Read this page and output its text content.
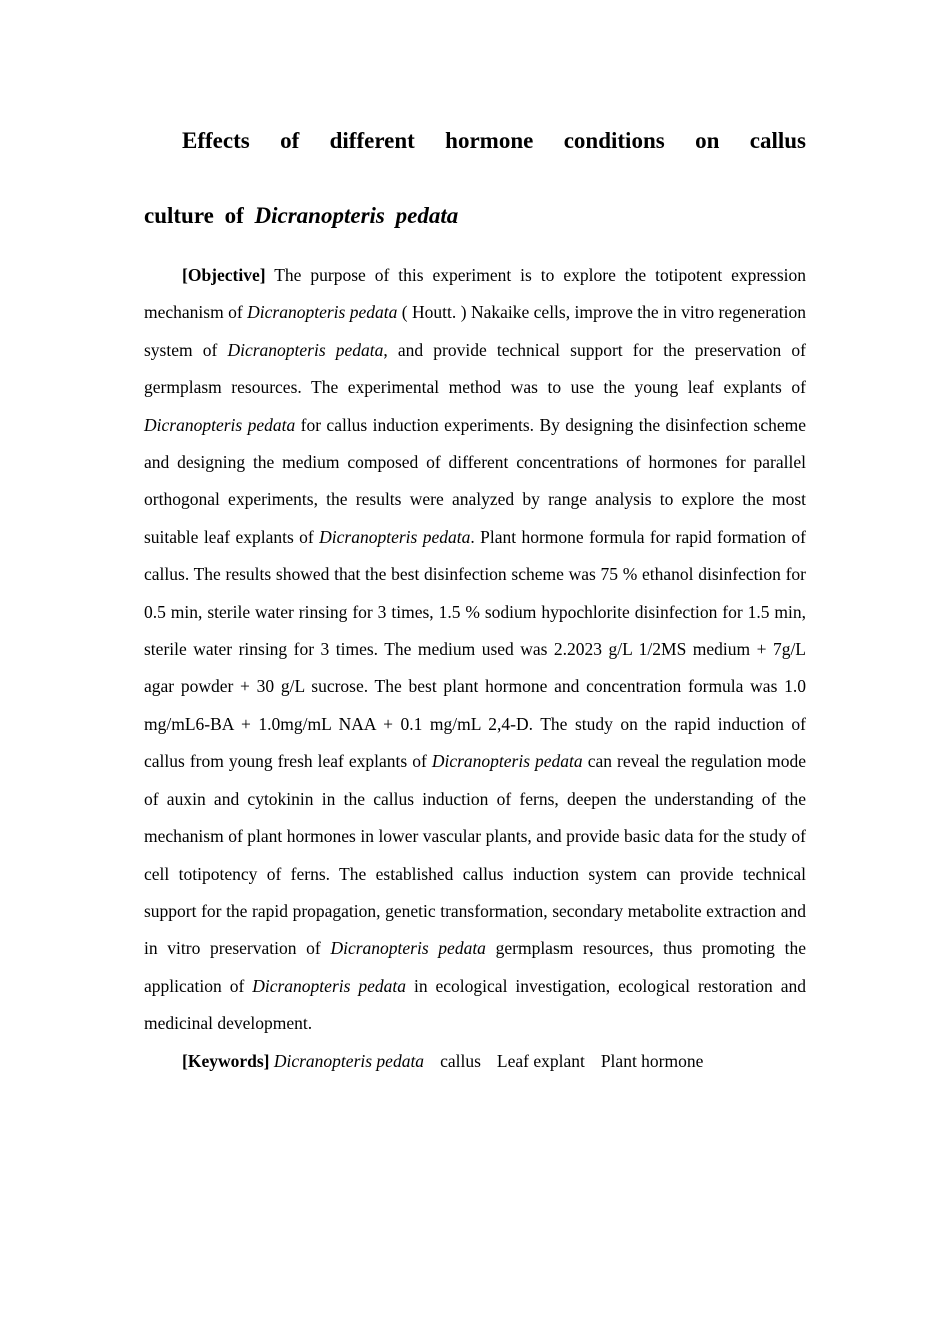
Effects of different hormone conditions on callus
culture of Dicranopteris pedata

[Objective] The purpose of this experiment is to explore the totipotent expression mechanism of Dicranopteris pedata ( Houtt. ) Nakaike cells, improve the in vitro regeneration system of Dicranopteris pedata, and provide technical support for the preservation of germplasm resources. The experimental method was to use the young leaf explants of Dicranopteris pedata for callus induction experiments. By designing the disinfection scheme and designing the medium composed of different concentrations of hormones for parallel orthogonal experiments, the results were analyzed by range analysis to explore the most suitable leaf explants of Dicranopteris pedata. Plant hormone formula for rapid formation of callus. The results showed that the best disinfection scheme was 75 % ethanol disinfection for 0.5 min, sterile water rinsing for 3 times, 1.5 % sodium hypochlorite disinfection for 1.5 min, sterile water rinsing for 3 times. The medium used was 2.2023 g/L 1/2MS medium + 7g/L agar powder + 30 g/L sucrose. The best plant hormone and concentration formula was 1.0 mg/mL6-BA + 1.0mg/mL NAA + 0.1 mg/mL 2,4-D. The study on the rapid induction of callus from young fresh leaf explants of Dicranopteris pedata can reveal the regulation mode of auxin and cytokinin in the callus induction of ferns, deepen the understanding of the mechanism of plant hormones in lower vascular plants, and provide basic data for the study of cell totipotency of ferns. The established callus induction system can provide technical support for the rapid propagation, genetic transformation, secondary metabolite extraction and in vitro preservation of Dicranopteris pedata germplasm resources, thus promoting the application of Dicranopteris pedata in ecological investigation, ecological restoration and medicinal development.

[Keywords] Dicranopteris pedata callus Leaf explant Plant hormone
